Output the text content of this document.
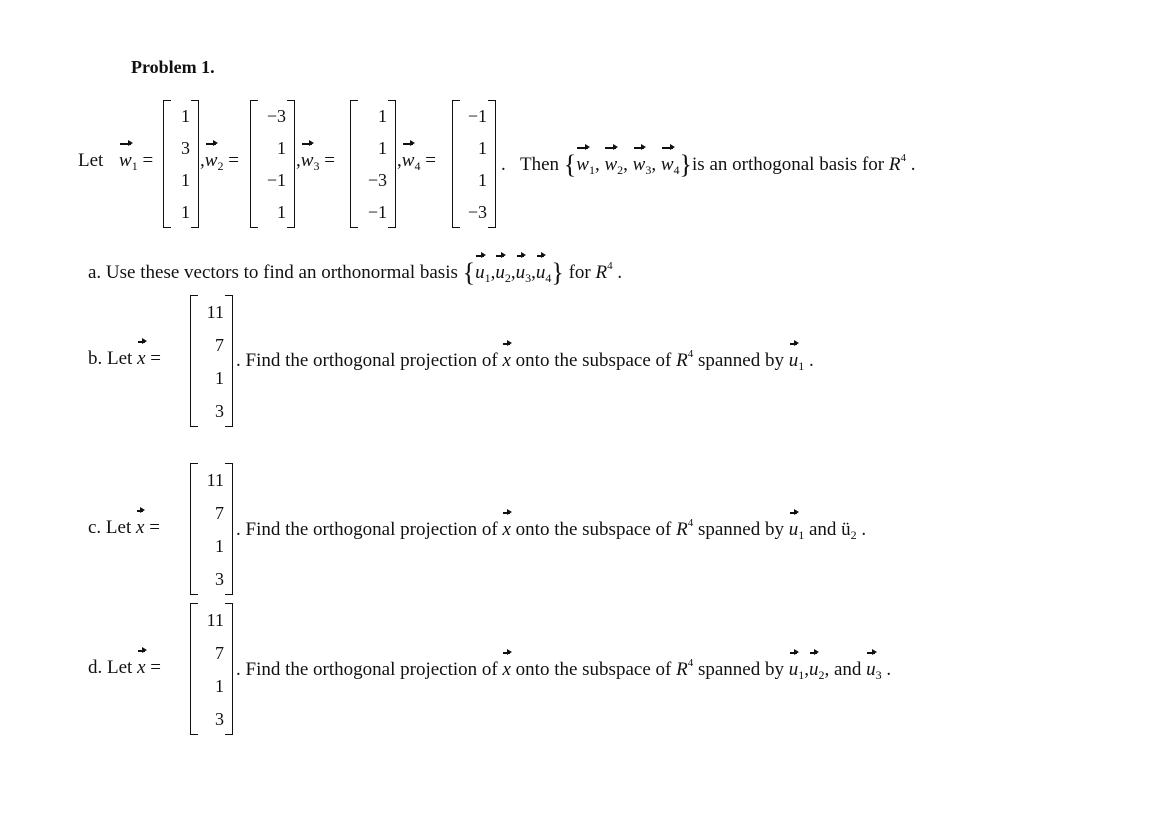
Problem 1.
Let $w_1$ =
1
3
1
1
$,w_2$ =
−3
1
−1
1
$,w_3$ =
1
1
−3
−1
$,w_4$ =
−1
1
1
−3
. Then {$w_1$, $w_2$, $w_3$, $w_4\}is$ an orthogonal basis for $R^4$ .
a. Use these vectors to find an orthonormal basis $\{u_1,u_2,u_3,u_4\}$ for $R^4$ .
b. Let x =
11
7
1
3
. Find the orthogonal projection of x onto the subspace of $R^4$ spanned by $u_1$ .
c. Let x =
11
7
1
3
. Find the orthogonal projection of x onto the subspace of $R^4$ spanned by $u_1$ and $ü_2$ .
d. Let x =
11
7
1
3
. Find the orthogonal projection of x onto the subspace of $R^4$ spanned by $u_1,u_2$, and $u_3$ .
